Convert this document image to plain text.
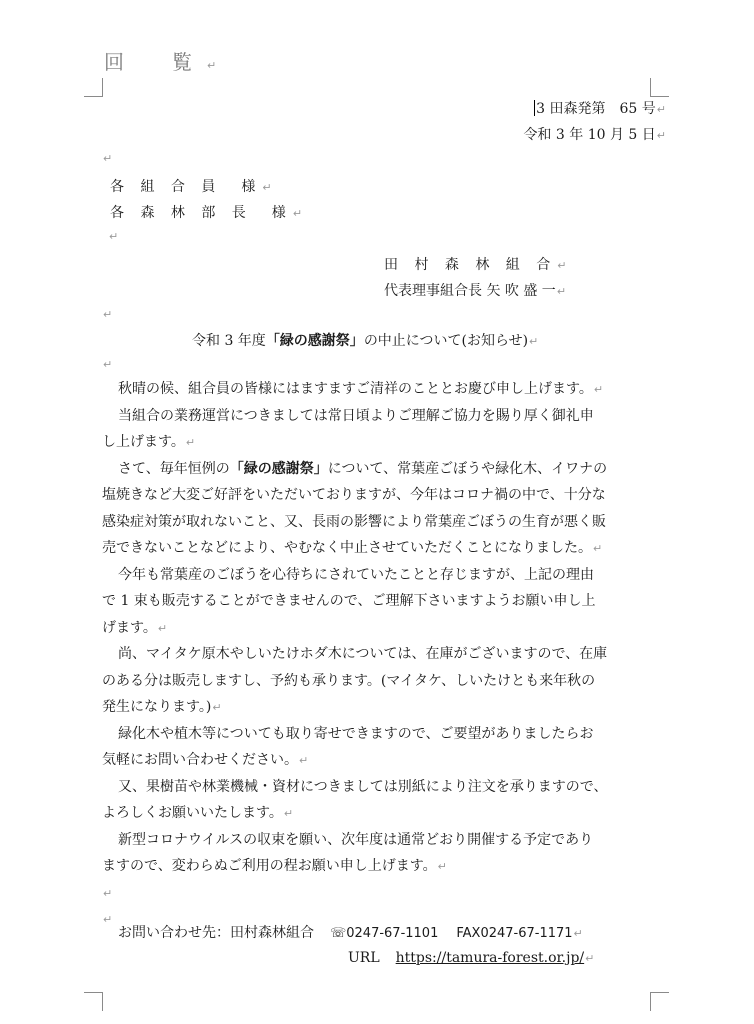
回　覧↵
3 田森発第　65 号↵
令和 3 年 10 月 5 日↵
↵
各 組 合 員　様↵
各 森 林 部 長　様↵
↵
田 村 森 林 組 合↵
代表理事組合長 矢 吹 盛 一↵
↵
令和 3 年度「緑の感謝祭」の中止について(お知らせ)↵
↵
秋晴の候、組合員の皆様にはますますご清祥のこととお慶び申し上げます。↵
当組合の業務運営につきましては常日頃よりご理解ご協力を賜り厚く御礼申
し上げます。↵
さて、毎年恒例の「緑の感謝祭」について、常葉産ごぼうや緑化木、イワナの
塩焼きなど大変ご好評をいただいておりますが、今年はコロナ禍の中で、十分な
感染症対策が取れないこと、又、長雨の影響により常葉産ごぼうの生育が悪く販
売できないことなどにより、やむなく中止させていただくことになりました。↵
今年も常葉産のごぼうを心待ちにされていたことと存じますが、上記の理由
で 1 束も販売することができませんので、ご理解下さいますようお願い申し上
げます。↵
尚、マイタケ原木やしいたけホダ木については、在庫がございますので、在庫
のある分は販売しますし、予約も承ります。(マイタケ、しいたけとも来年秋の
発生になります。)↵
緑化木や植木等についても取り寄せできますので、ご要望がありましたらお
気軽にお問い合わせください。↵
又、果樹苗や林業機械・資材につきましては別紙により注文を承りますので、
よろしくお願いいたします。↵
新型コロナウイルスの収束を願い、次年度は通常どおり開催する予定であり
ますので、変わらぬご利用の程お願い申し上げます。↵
↵
↵
お問い合わせ先：田村森林組合 ☏0247-67-1101 FAX0247-67-1171↵
URL https://tamura-forest.or.jp/↵
